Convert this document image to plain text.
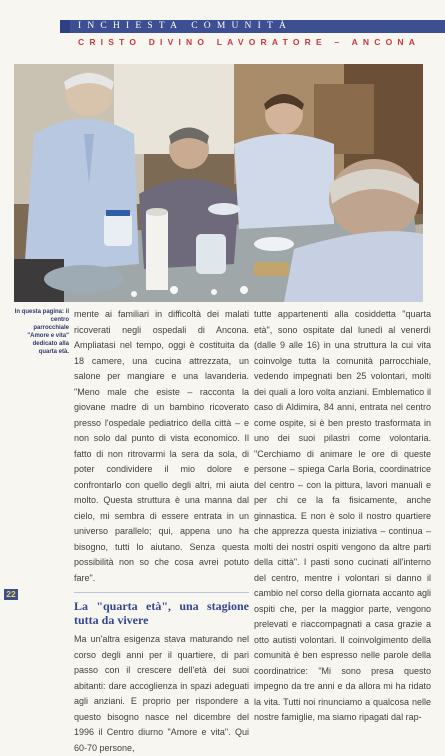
INCHIESTA COMUNITÀ
CRISTO DIVINO LAVORATORE – ANCONA
In questa pagina: il centro parrocchiale "Amore e vita" dedicato alla quarta età.

mente ai familiari in difficoltà dei malati ricoverati negli ospedali di Ancona. Ampliatasi nel tempo, oggi è costituita da 18 camere, una cucina attrezzata, un salone per mangiare e una lavanderia. "Meno male che esiste – racconta la giovane madre di un bambino ricoverato presso l'ospedale pediatrico della città – e non solo dal punto di vista economico. Il fatto di non ritrovarmi la sera da sola, di poter condividere il mio dolore e confrontarlo con quello degli altri, mi aiuta molto. Questa struttura è una manna dal cielo, mi sembra di essere entrata in un universo parallelo; qui, appena uno ha bisogno, tutti lo aiutano. Senza questa possibilità non so che cosa avrei potuto fare".

La "quarta età", una stagione tutta da vivere

Ma un'altra esigenza stava maturando nel corso degli anni per il quartiere, di pari passo con il crescere dell'età dei suoi abitanti: dare accoglienza in spazi adeguati agli anziani. E proprio per rispondere a questo bisogno nasce nel dicembre del 1996 il Centro diurno "Amore e vita". Qui 60-70 persone,

tutte appartenenti alla cosiddetta "quarta età", sono ospitate dal lunedì al venerdì (dalle 9 alle 16) in una struttura la cui vita coinvolge tutta la comunità parrocchiale, vedendo impegnati ben 25 volontari, molti dei quali a loro volta anziani. Emblematico il caso di Aldimira, 84 anni, entrata nel centro come ospite, si è ben presto trasformata in uno dei suoi pilastri come volontaria. "Cerchiamo di animare le ore di queste persone – spiega Carla Boria, coordinatrice del centro – con la pittura, lavori manuali e per chi ce la fa fisicamente, anche ginnastica. E non è solo il nostro quartiere che apprezza questa iniziativa – continua – molti dei nostri ospiti vengono da altre parti della città". I pasti sono cucinati all'interno del centro, mentre i volontari si danno il cambio nel corso della giornata accanto agli ospiti che, per la maggior parte, vengono prelevati e riaccompagnati a casa grazie a otto autisti volontari. Il coinvolgimento della comunità è ben espresso nelle parole della coordinatrice: "Mi sono presa questo impegno da tre anni e da allora mi ha ridato la vita. Tutti noi rinunciamo a qualcosa nelle nostre famiglie, ma siamo ripagati dal rap-

22
